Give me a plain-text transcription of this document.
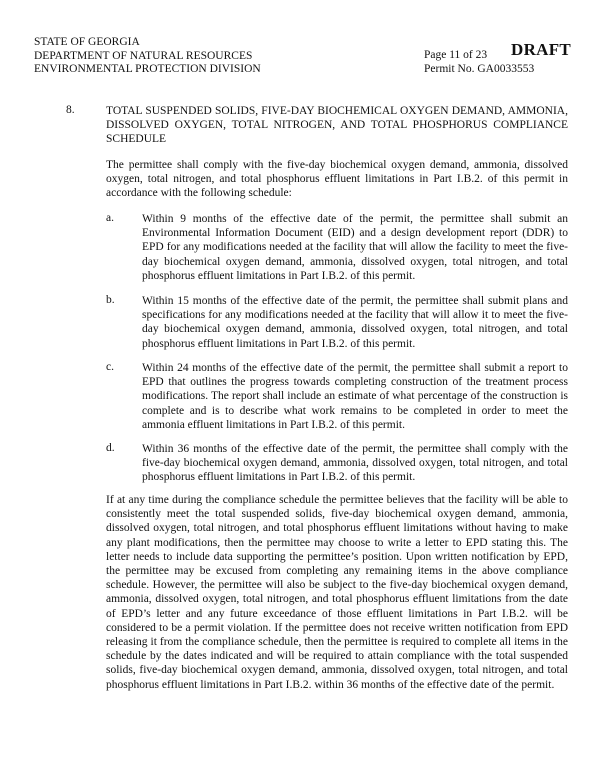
STATE OF GEORGIA
DEPARTMENT OF NATURAL RESOURCES
ENVIRONMENTAL PROTECTION DIVISION
Page 11 of 23
Permit No. GA0033553
DRAFT
8.	TOTAL SUSPENDED SOLIDS, FIVE-DAY BIOCHEMICAL OXYGEN DEMAND, AMMONIA, DISSOLVED OXYGEN, TOTAL NITROGEN, AND TOTAL PHOSPHORUS COMPLIANCE SCHEDULE
The permittee shall comply with the five-day biochemical oxygen demand, ammonia, dissolved oxygen, total nitrogen, and total phosphorus effluent limitations in Part I.B.2. of this permit in accordance with the following schedule:
a. Within 9 months of the effective date of the permit, the permittee shall submit an Environmental Information Document (EID) and a design development report (DDR) to EPD for any modifications needed at the facility that will allow the facility to meet the five-day biochemical oxygen demand, ammonia, dissolved oxygen, total nitrogen, and total phosphorus effluent limitations in Part I.B.2. of this permit.
b. Within 15 months of the effective date of the permit, the permittee shall submit plans and specifications for any modifications needed at the facility that will allow it to meet the five-day biochemical oxygen demand, ammonia, dissolved oxygen, total nitrogen, and total phosphorus effluent limitations in Part I.B.2. of this permit.
c. Within 24 months of the effective date of the permit, the permittee shall submit a report to EPD that outlines the progress towards completing construction of the treatment process modifications. The report shall include an estimate of what percentage of the construction is complete and is to describe what work remains to be completed in order to meet the ammonia effluent limitations in Part I.B.2. of this permit.
d. Within 36 months of the effective date of the permit, the permittee shall comply with the five-day biochemical oxygen demand, ammonia, dissolved oxygen, total nitrogen, and total phosphorus effluent limitations in Part I.B.2. of this permit.
If at any time during the compliance schedule the permittee believes that the facility will be able to consistently meet the total suspended solids, five-day biochemical oxygen demand, ammonia, dissolved oxygen, total nitrogen, and total phosphorus effluent limitations without having to make any plant modifications, then the permittee may choose to write a letter to EPD stating this. The letter needs to include data supporting the permittee’s position. Upon written notification by EPD, the permittee may be excused from completing any remaining items in the above compliance schedule. However, the permittee will also be subject to the five-day biochemical oxygen demand, ammonia, dissolved oxygen, total nitrogen, and total phosphorus effluent limitations from the date of EPD’s letter and any future exceedance of those effluent limitations in Part I.B.2. will be considered to be a permit violation. If the permittee does not receive written notification from EPD releasing it from the compliance schedule, then the permittee is required to complete all items in the schedule by the dates indicated and will be required to attain compliance with the total suspended solids, five-day biochemical oxygen demand, ammonia, dissolved oxygen, total nitrogen, and total phosphorus effluent limitations in Part I.B.2. within 36 months of the effective date of the permit.
